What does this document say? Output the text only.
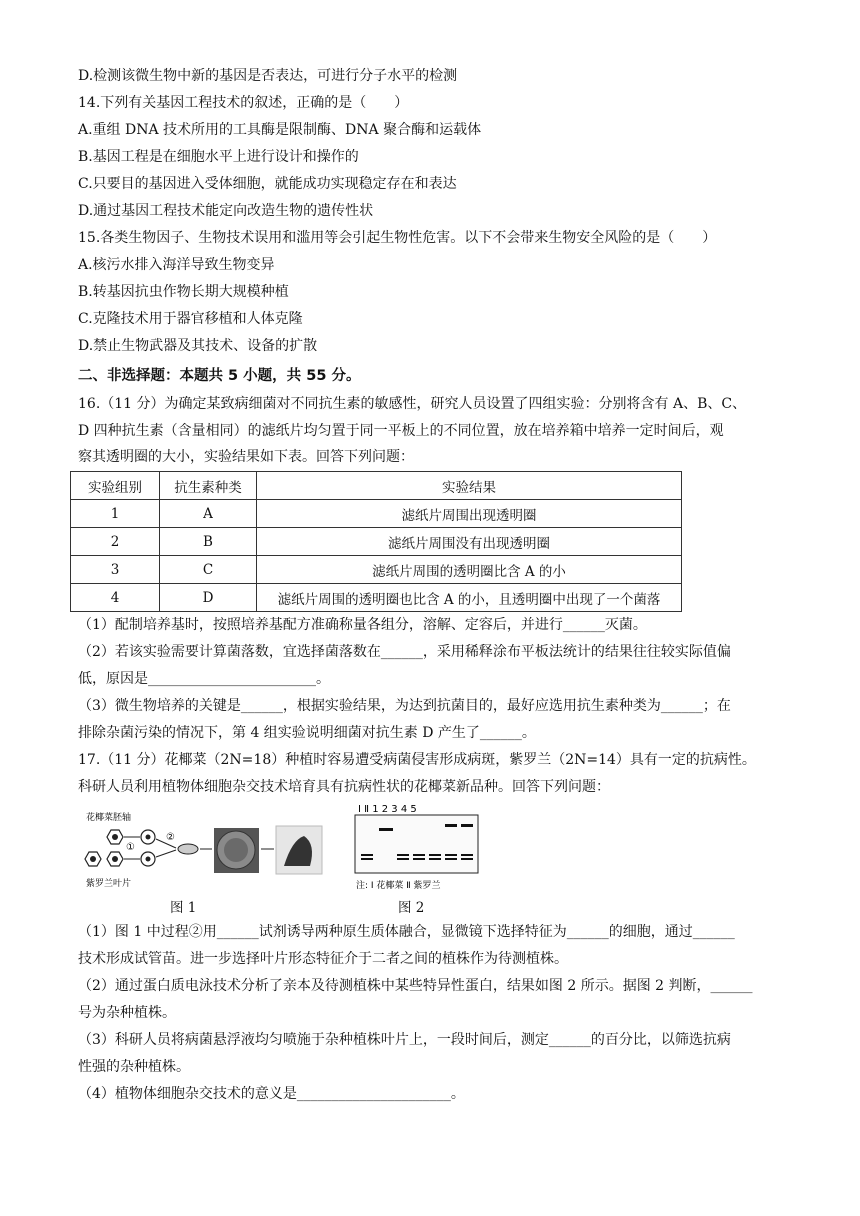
D.检测该微生物中新的基因是否表达，可进行分子水平的检测
14.下列有关基因工程技术的叙述，正确的是（　　）
A.重组 DNA 技术所用的工具酶是限制酶、DNA 聚合酶和运载体
B.基因工程是在细胞水平上进行设计和操作的
C.只要目的基因进入受体细胞，就能成功实现稳定存在和表达
D.通过基因工程技术能定向改造生物的遗传性状
15.各类生物因子、生物技术误用和滥用等会引起生物性危害。以下不会带来生物安全风险的是（　　）
A.核污水排入海洋导致生物变异
B.转基因抗虫作物长期大规模种植
C.克隆技术用于器官移植和人体克隆
D.禁止生物武器及其技术、设备的扩散
二、非选择题：本题共 5 小题，共 55 分。
16.（11 分）为确定某致病细菌对不同抗生素的敏感性，研究人员设置了四组实验：分别将含有 A、B、C、
D 四种抗生素（含量相同）的滤纸片均匀置于同一平板上的不同位置，放在培养箱中培养一定时间后，观
察其透明圈的大小，实验结果如下表。回答下列问题：
实验组别	抗生素种类	实验结果
1	A	滤纸片周围出现透明圈
2	B	滤纸片周围没有出现透明圈
3	C	滤纸片周围的透明圈比含 A 的小
4	D	滤纸片周围的透明圈也比含 A 的小，且透明圈中出现了一个菌落
（1）配制培养基时，按照培养基配方准确称量各组分，溶解、定容后，并进行______灭菌。
（2）若该实验需要计算菌落数，宜选择菌落数在______，采用稀释涂布平板法统计的结果往往较实际值偏
低，原因是________________________。
（3）微生物培养的关键是______，根据实验结果，为达到抗菌目的，最好应选用抗生素种类为______；在
排除杂菌污染的情况下，第 4 组实验说明细菌对抗生素 D 产生了______。
17.（11 分）花椰菜（2N=18）种植时容易遭受病菌侵害形成病斑，紫罗兰（2N=14）具有一定的抗病性。
科研人员利用植物体细胞杂交技术培育具有抗病性状的花椰菜新品种。回答下列问题：
花椰菜胚轴
①
②
紫罗兰叶片
图 1
Ⅰ Ⅱ 1 2 3 4 5
注: Ⅰ 花椰菜 Ⅱ 紫罗兰
图 2
（1）图 1 中过程②用______试剂诱导两种原生质体融合，显微镜下选择特征为______的细胞，通过______
技术形成试管苗。进一步选择叶片形态特征介于二者之间的植株作为待测植株。
（2）通过蛋白质电泳技术分析了亲本及待测植株中某些特异性蛋白，结果如图 2 所示。据图 2 判断，______
号为杂种植株。
（3）科研人员将病菌悬浮液均匀喷施于杂种植株叶片上，一段时间后，测定______的百分比，以筛选抗病
性强的杂种植株。
（4）植物体细胞杂交技术的意义是______________________。
